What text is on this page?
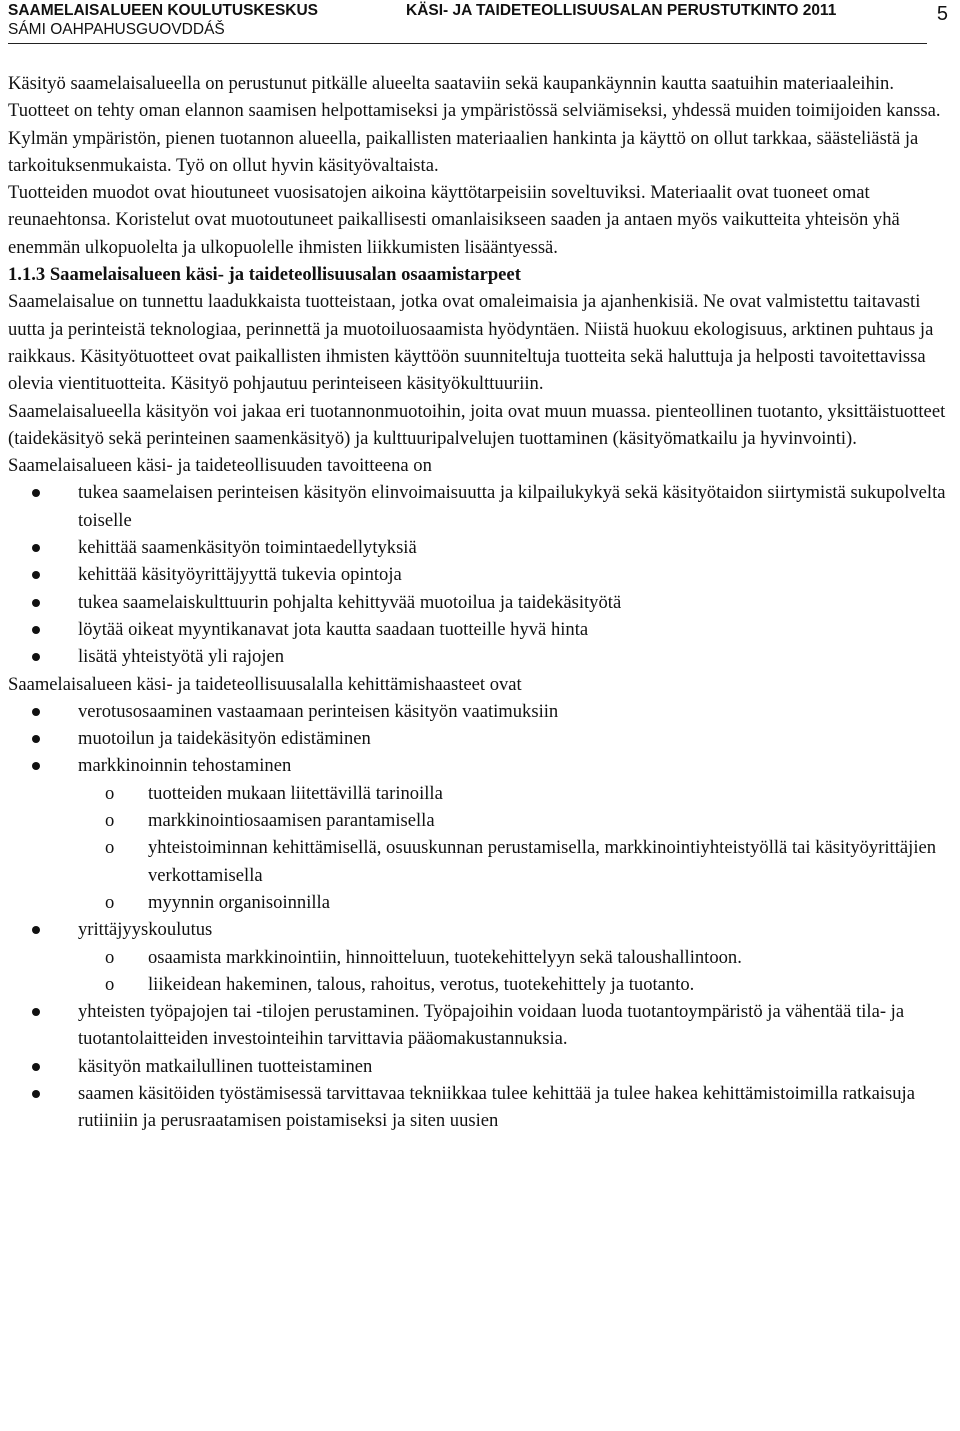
SAAMELAISALUEEN KOULUTUSKESKUS
SÁMI OAHPAHUSGUOVDDÁŠ
KÄSI- JA TAIDETEOLLISUUSALAN PERUSTUTKINTO 2011	5

Käsityö saamelaisalueella on perustunut pitkälle alueelta saataviin sekä kaupankäynnin kautta saatuihin materiaaleihin. Tuotteet on tehty oman elannon saamisen helpottamiseksi ja ympäristössä selviämiseksi, yhdessä muiden toimijoiden kanssa. Kylmän ympäristön, pienen tuotannon alueella, paikallisten materiaalien hankinta ja käyttö on ollut tarkkaa, säästeliästä ja tarkoituksenmukaista. Työ on ollut hyvin käsityövaltaista.

Tuotteiden muodot ovat hioutuneet vuosisatojen aikoina käyttötarpeisiin soveltuviksi. Materiaalit ovat tuoneet omat reunaehtonsa. Koristelut ovat muotoutuneet paikallisesti omanlaisikseen saaden ja antaen myös vaikutteita yhteisön yhä enemmän ulkopuolelta ja ulkopuolelle ihmisten liikkumisten lisääntyessä.

1.1.3 Saamelaisalueen käsi- ja taideteollisuusalan osaamistarpeet

Saamelaisalue on tunnettu laadukkaista tuotteistaan, jotka ovat omaleimaisia ja ajanhenkisiä. Ne ovat valmistettu taitavasti uutta ja perinteistä teknologiaa, perinnettä ja muotoiluosaamista hyödyntäen. Niistä huokuu ekologisuus, arktinen puhtaus ja raikkaus. Käsityötuotteet ovat paikallisten ihmisten käyttöön suunniteltuja tuotteita sekä haluttuja ja helposti tavoitettavissa olevia vientituotteita. Käsityö pohjautuu perinteiseen käsityökulttuuriin.

Saamelaisalueella käsityön voi jakaa eri tuotannonmuotoihin, joita ovat muun muassa. pienteollinen tuotanto, yksittäistuotteet (taidekäsityö sekä perinteinen saamenkäsityö) ja kulttuuripalvelujen tuottaminen (käsityömatkailu ja hyvinvointi).

Saamelaisalueen käsi- ja taideteollisuuden tavoitteena on

tukea saamelaisen perinteisen käsityön elinvoimaisuutta ja kilpailukykyä sekä käsityötaidon siirtymistä sukupolvelta toiselle
kehittää saamenkäsityön toimintaedellytyksiä
kehittää käsityöyrittäjyyttä tukevia opintoja
tukea saamelaiskulttuurin pohjalta kehittyvää muotoilua ja taidekäsityötä
löytää oikeat myyntikanavat jota kautta saadaan tuotteille hyvä hinta
lisätä yhteistyötä yli rajojen

Saamelaisalueen käsi- ja taideteollisuusalalla kehittämishaasteet ovat

verotusosaaminen vastaamaan perinteisen käsityön vaatimuksiin
muotoilun ja taidekäsityön edistäminen
markkinoinnin tehostaminen
o tuotteiden mukaan liitettävillä tarinoilla
o markkinointiosaamisen parantamisella
o yhteistoiminnan kehittämisellä, osuuskunnan perustamisella, markkinointiyhteistyöllä tai käsityöyrittäjien verkottamisella
o myynnin organisoinnilla
yrittäjyyskoulutus
o osaamista markkinointiin, hinnoitteluun, tuotekehittelyyn sekä taloushallintoon.
o liikeidean hakeminen, talous, rahoitus, verotus, tuotekehittely ja tuotanto.
yhteisten työpajojen tai -tilojen perustaminen. Työpajoihin voidaan luoda tuotantoympäristö ja vähentää tila- ja tuotantolaitteiden investointeihin tarvittavia pääomakustannuksia.
käsityön matkailullinen tuotteistaminen
saamen käsitöiden työstämisessä tarvittavaa tekniikkaa tulee kehittää ja tulee hakea kehittämistoimilla ratkaisuja rutiiniin ja perusraatamisen poistamiseksi ja siten uusien
